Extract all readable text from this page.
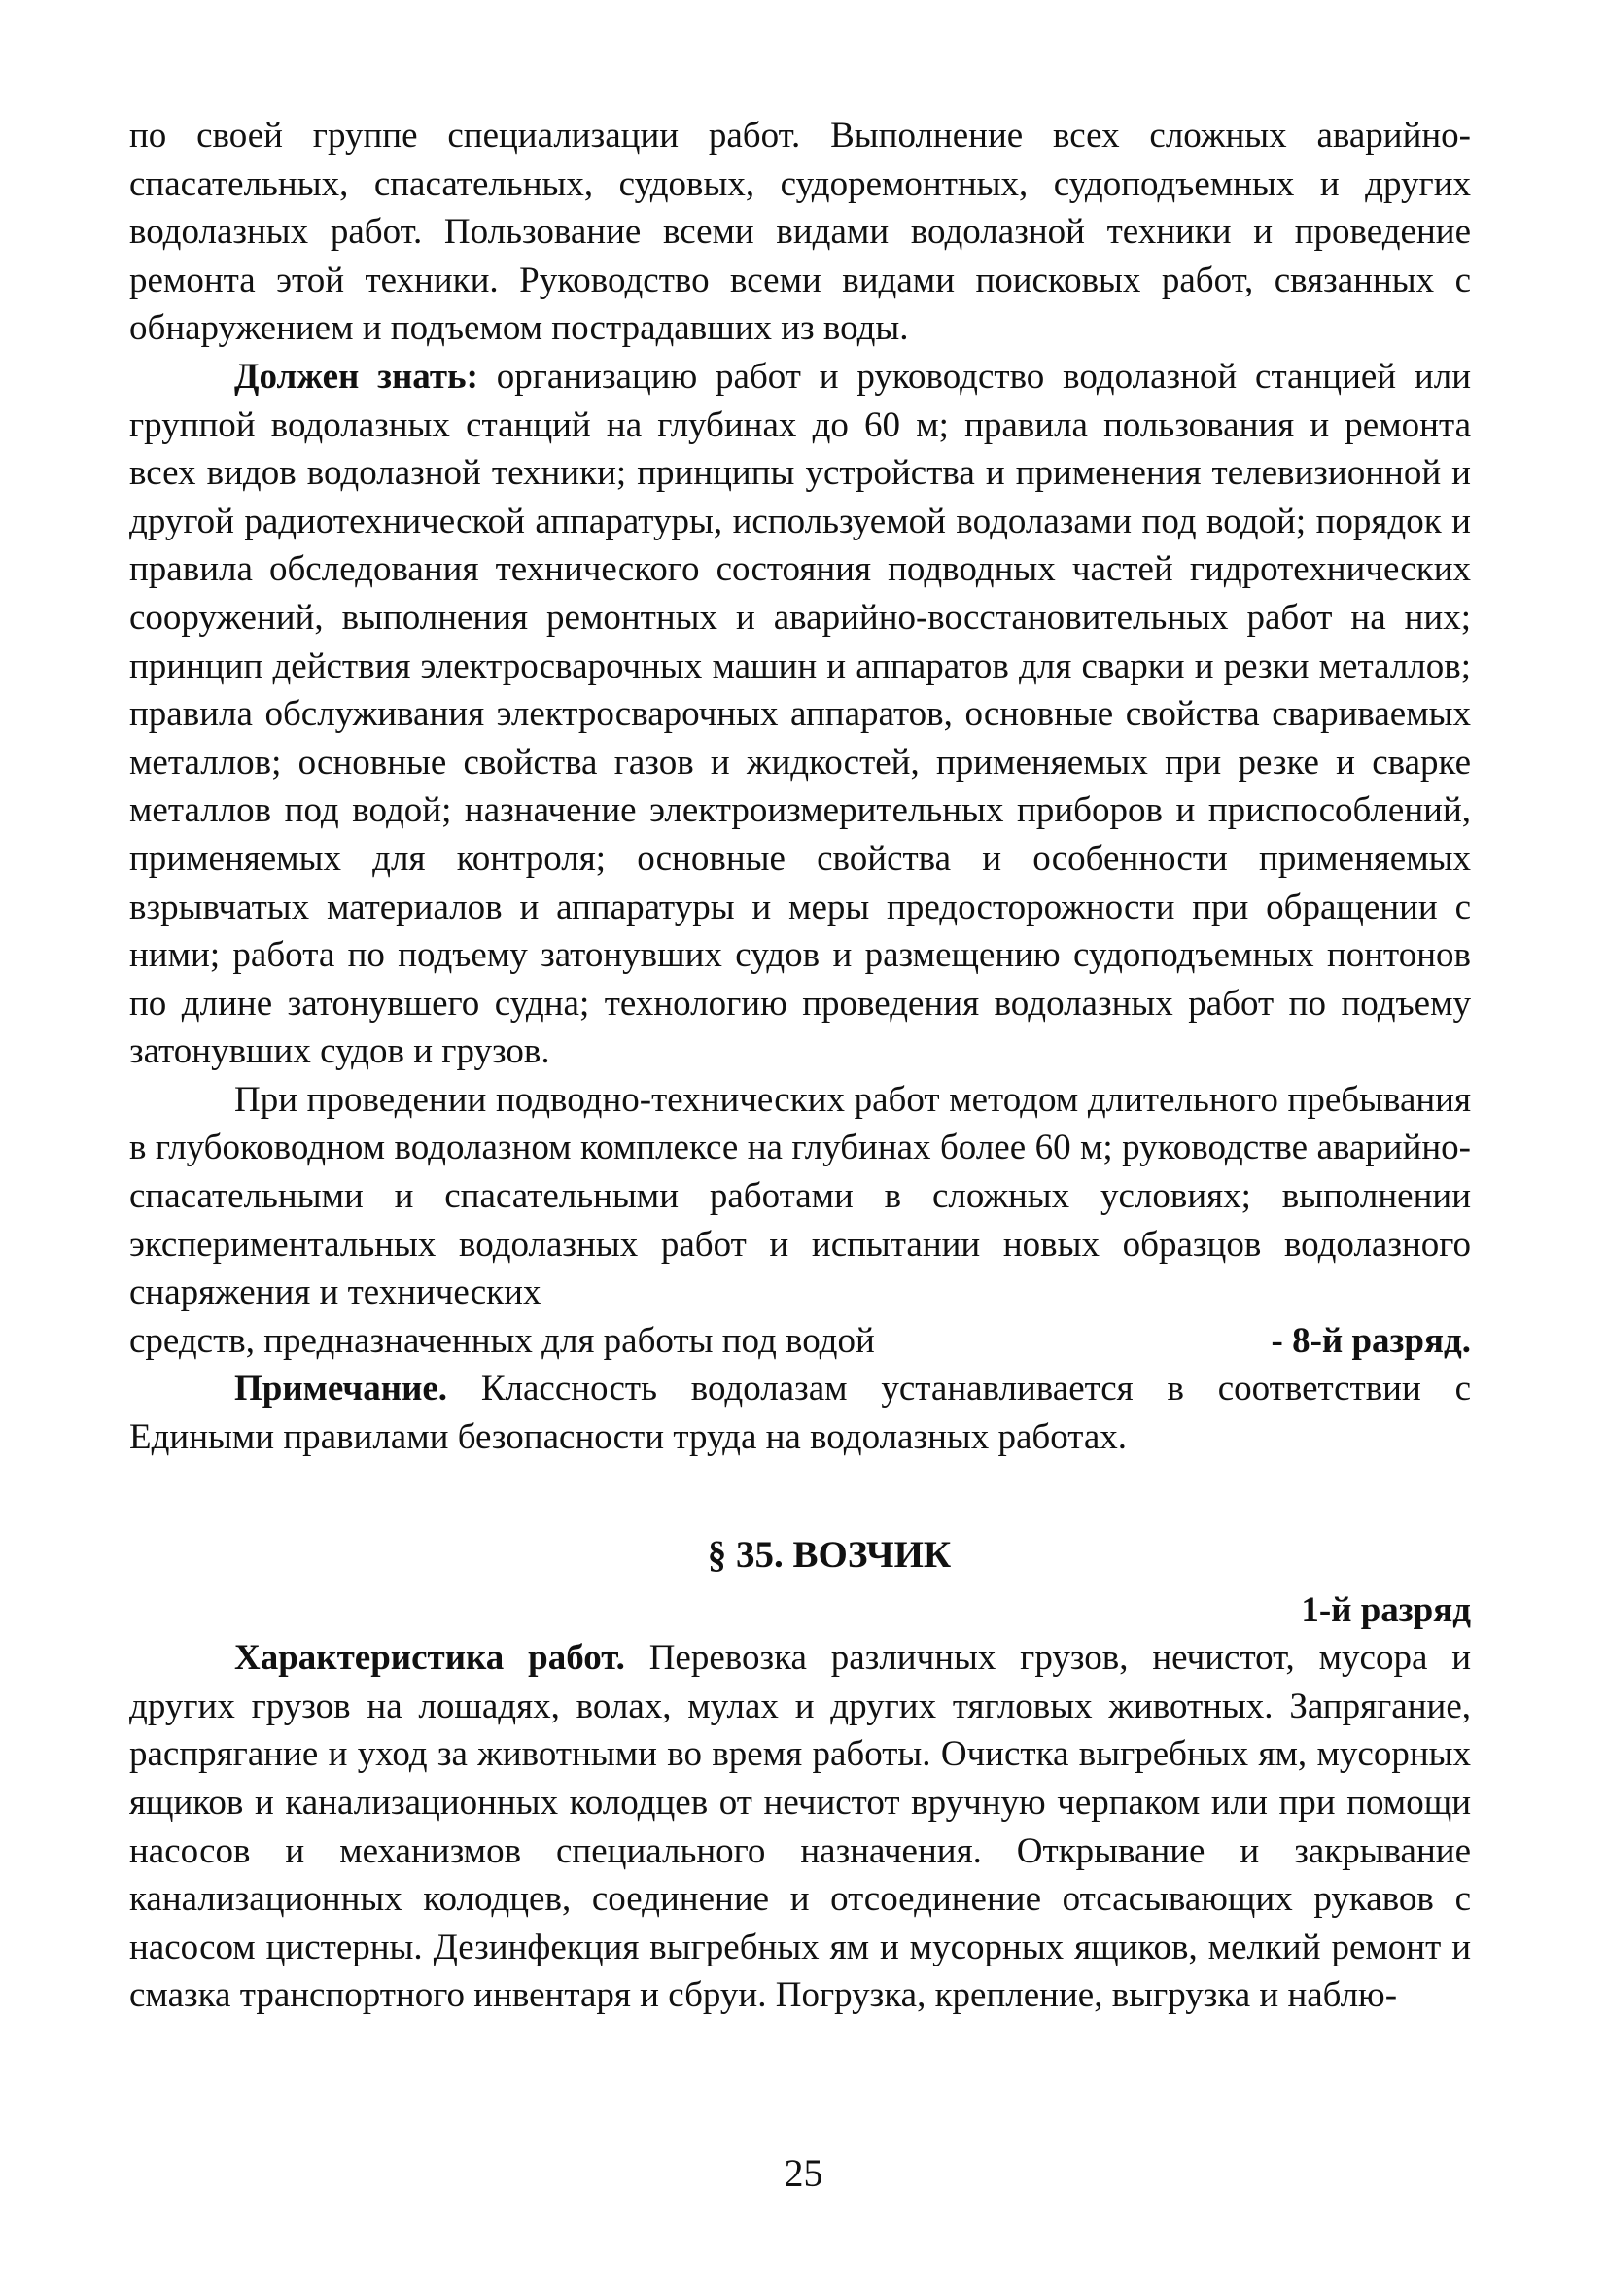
по своей группе специализации работ. Выполнение всех сложных аварийно-спасательных, спасательных, судовых, судоремонтных, судоподъемных и других водолазных работ. Пользование всеми видами водолазной техники и проведение ремонта этой техники. Руководство всеми видами поисковых работ, связанных с обнаружением и подъемом пострадавших из воды.

Должен знать: организацию работ и руководство водолазной станцией или группой водолазных станций на глубинах до 60 м; правила пользования и ремонта всех видов водолазной техники; принципы устройства и применения телевизионной и другой радиотехнической аппаратуры, используемой водолазами под водой; порядок и правила обследования технического состояния подводных частей гидротехнических сооружений, выполнения ремонтных и аварийно-восстановительных работ на них; принцип действия электросварочных машин и аппаратов для сварки и резки металлов; правила обслуживания электросварочных аппаратов, основные свойства свариваемых металлов; основные свойства газов и жидкостей, применяемых при резке и сварке металлов под водой; назначение электроизмерительных приборов и приспособлений, применяемых для контроля; основные свойства и особенности применяемых взрывчатых материалов и аппаратуры и меры предосторожности при обращении с ними; работа по подъему затонувших судов и размещению судоподъемных понтонов по длине затонувшего судна; технологию проведения водолазных работ по подъему затонувших судов и грузов.

При проведении подводно-технических работ методом длительного пребывания в глубоководном водолазном комплексе на глубинах более 60 м; руководстве аварийно-спасательными и спасательными работами в сложных условиях; выполнении экспериментальных водолазных работ и испытании новых образцов водолазного снаряжения и технических

средств, предназначенных для работы под водой	- 8-й разряд.

Примечание. Классность водолазам устанавливается в соответствии с Едиными правилами безопасности труда на водолазных работах.

§ 35. ВОЗЧИК

1-й разряд

Характеристика работ. Перевозка различных грузов, нечистот, мусора и других грузов на лошадях, волах, мулах и других тягловых животных. Запрягание, распрягание и уход за животными во время работы. Очистка выгребных ям, мусорных ящиков и канализационных колодцев от нечистот вручную черпаком или при помощи насосов и механизмов специального назначения. Открывание и закрывание канализационных колодцев, соединение и отсоединение отсасывающих рукавов с насосом цистерны. Дезинфекция выгребных ям и мусорных ящиков, мелкий ремонт и смазка транспортного инвентаря и сбруи. Погрузка, крепление, выгрузка и наблю-

25
